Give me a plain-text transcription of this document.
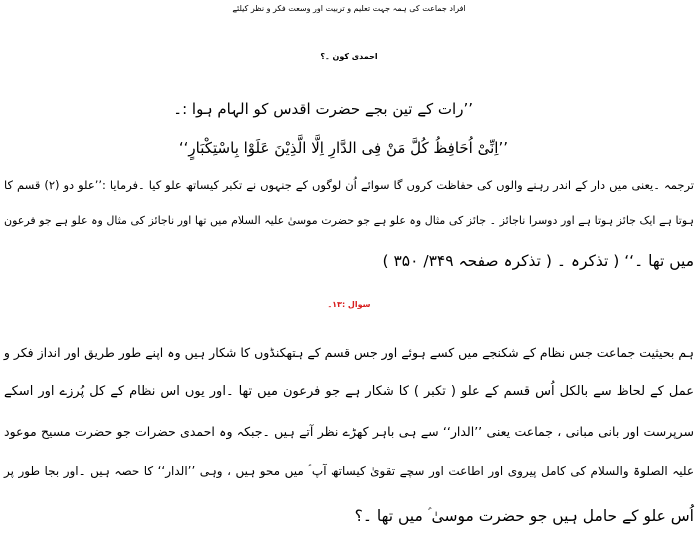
افراد جماعت کی ہمہ جہت تعلیم و تربیت اور وسعت فکر و نظر کیلئے
احمدی کون ۔؟
’’رات کے تین بجے حضرت اقدس کو الہام ہوا :۔
’’اِنِّیْ اُحَافِظُ کُلَّ مَنْ فِی الدَّارِ اِلَّا الَّذِیْنَ عَلَوْا بِاسْتِکْبَارٍ‘‘
ترجمہ ۔یعنی میں دار کے اندر رہنے والوں کی حفاظت کروں گا سوائے اُن لوگوں کے جنہوں نے تکبر کیساتھ علو کیا ۔فرمایا :’’علو دو (۲) قسم کا
ہوتا ہے ایک جائز ہوتا ہے اور دوسرا ناجائز ۔ جائز کی مثال وہ علو ہے جو حضرت موسیٰ علیہ السلام میں تھا اور ناجائز کی مثال وہ علو ہے جو فرعون
میں تھا ۔‘‘ ( تذکرہ ۔ ( تذکرہ صفحہ ۳۴۹/ ۳۵۰ )
سوال :۱۳۔
ہم بحیثیت جماعت جس نظام کے شکنجے میں کسے ہوئے اور جس قسم کے ہتھکنڈوں کا شکار ہیں وہ اپنے طور طریق اور انداز فکر و
عمل کے لحاظ سے بالکل اُس قسم کے علو ( تکبر ) کا شکار ہے جو فرعون میں تھا ۔اور یوں اس نظام کے کل پُرزے اور اسکے
سرپرست اور بانی مبانی ، جماعت یعنی ’’الدار‘‘ سے ہی باہر کھڑے نظر آتے ہیں ۔جبکہ وہ احمدی حضرات جو حضرت مسیح موعود
علیہ الصلوۃ والسلام کی کامل پیروی اور اطاعت اور سچے تقویٰ کیساتھ آپ ؑ میں محو ہیں ، وہی ’’الدار‘‘ کا حصہ ہیں ۔اور بجا طور پر
اُس علو کے حامل ہیں جو حضرت موسیٰ ؑ میں تھا ۔؟
